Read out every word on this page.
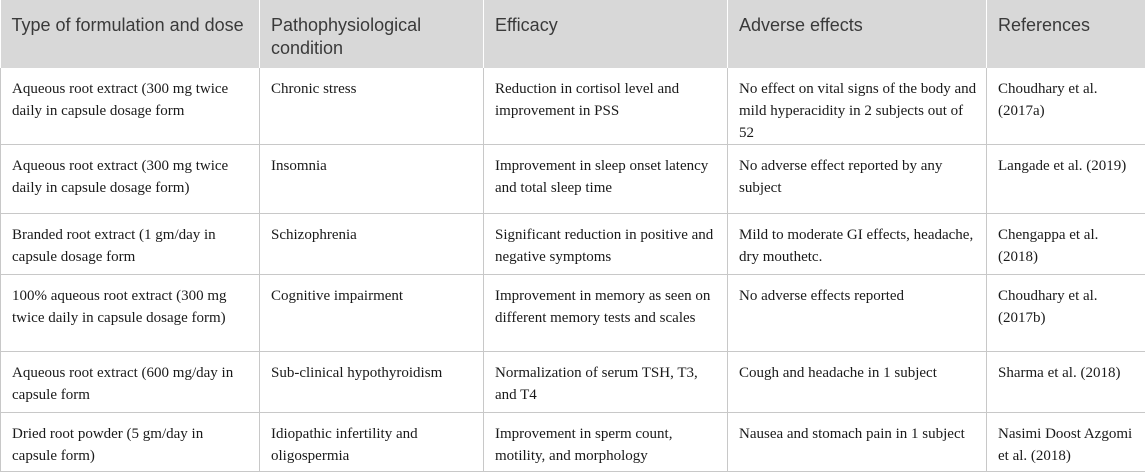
Type of formulation and dose	Pathophysiological condition	Efficacy	Adverse effects	References
Aqueous root extract (300 mg twice daily in capsule dosage form	Chronic stress	Reduction in cortisol level and improvement in PSS	No effect on vital signs of the body and mild hyperacidity in 2 subjects out of 52	Choudhary et al. (2017a)
Aqueous root extract (300 mg twice daily in capsule dosage form)	Insomnia	Improvement in sleep onset latency and total sleep time	No adverse effect reported by any subject	Langade et al. (2019)
Branded root extract (1 gm/day in capsule dosage form	Schizophrenia	Significant reduction in positive and negative symptoms	Mild to moderate GI effects, headache, dry mouthetc.	Chengappa et al. (2018)
100% aqueous root extract (300 mg twice daily in capsule dosage form)	Cognitive impairment	Improvement in memory as seen on different memory tests and scales	No adverse effects reported	Choudhary et al. (2017b)
Aqueous root extract (600 mg/day in capsule form	Sub-clinical hypothyroidism	Normalization of serum TSH, T3, and T4	Cough and headache in 1 subject	Sharma et al. (2018)
Dried root powder (5 gm/day in capsule form)	Idiopathic infertility and oligospermia	Improvement in sperm count, motility, and morphology	Nausea and stomach pain in 1 subject	Nasimi Doost Azgomi et al. (2018)
